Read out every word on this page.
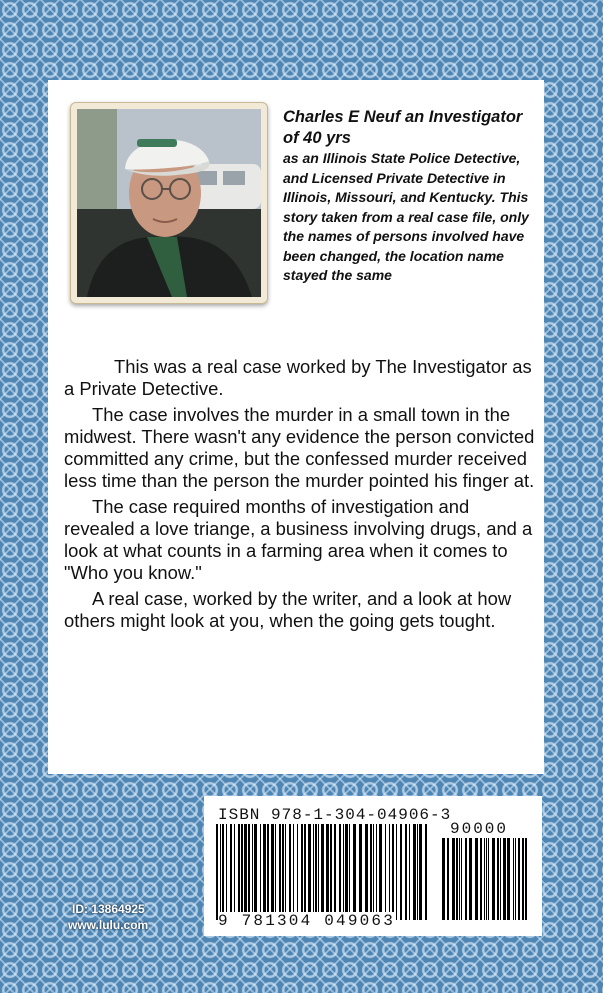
Charles E Neuf an Investigator of 40 yrs
as an Illinois State Police Detective, and Licensed Private Detective in Illinois, Missouri, and Kentucky. This story taken from a real case file, only the names of persons involved have been changed, the location name stayed the same

This was a real case worked by The Investigator as a Private Detective.

The case involves the murder in a small town in the midwest. There wasn't any evidence the person convicted committed any crime, but the confessed murder received less time than the person the murder pointed his finger at.

The case required months of investigation and revealed a love triange, a business involving drugs, and a look at what counts in a farming area when it comes to "Who you know."

A real case, worked by the writer, and a look at how others might look at you, when the going gets tought.

ISBN 978-1-304-04906-3
90000
9 781304 049063
ID: 13864925
www.lulu.com
